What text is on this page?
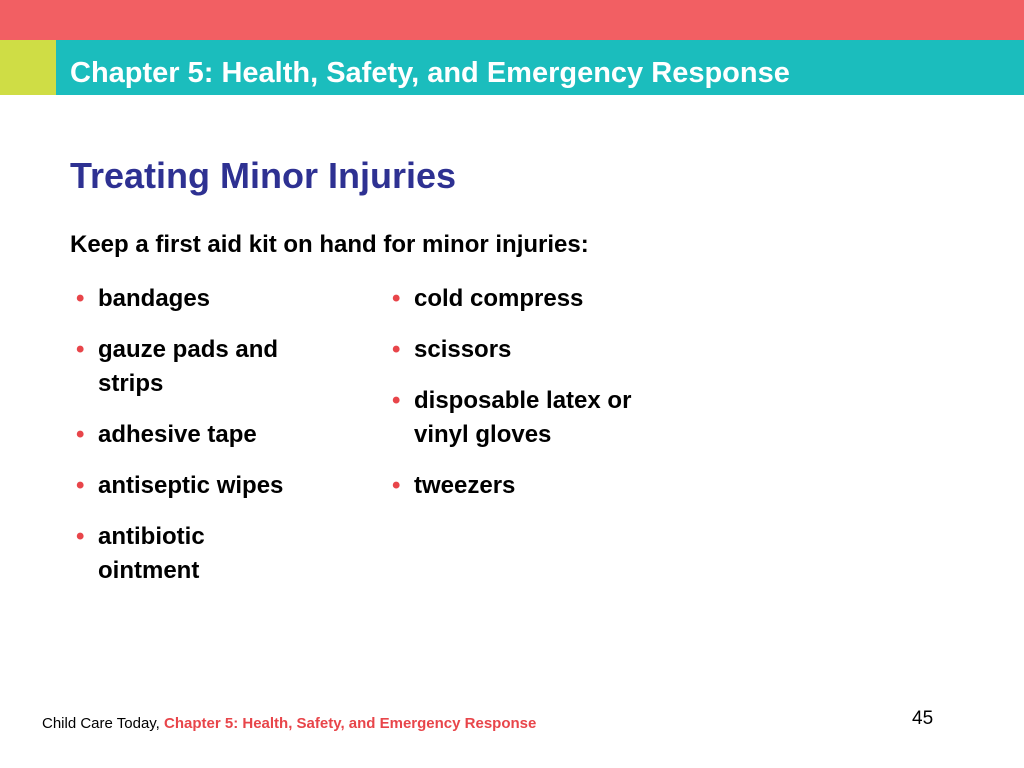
Chapter 5: Health, Safety, and Emergency Response
Treating Minor Injuries

Keep a first aid kit on hand for minor injuries:

• bandages
• gauze pads and strips
• adhesive tape
• antiseptic wipes
• antibiotic ointment
• cold compress
• scissors
• disposable latex or vinyl gloves
• tweezers
Child Care Today, Chapter 5: Health, Safety, and Emergency Response	45
